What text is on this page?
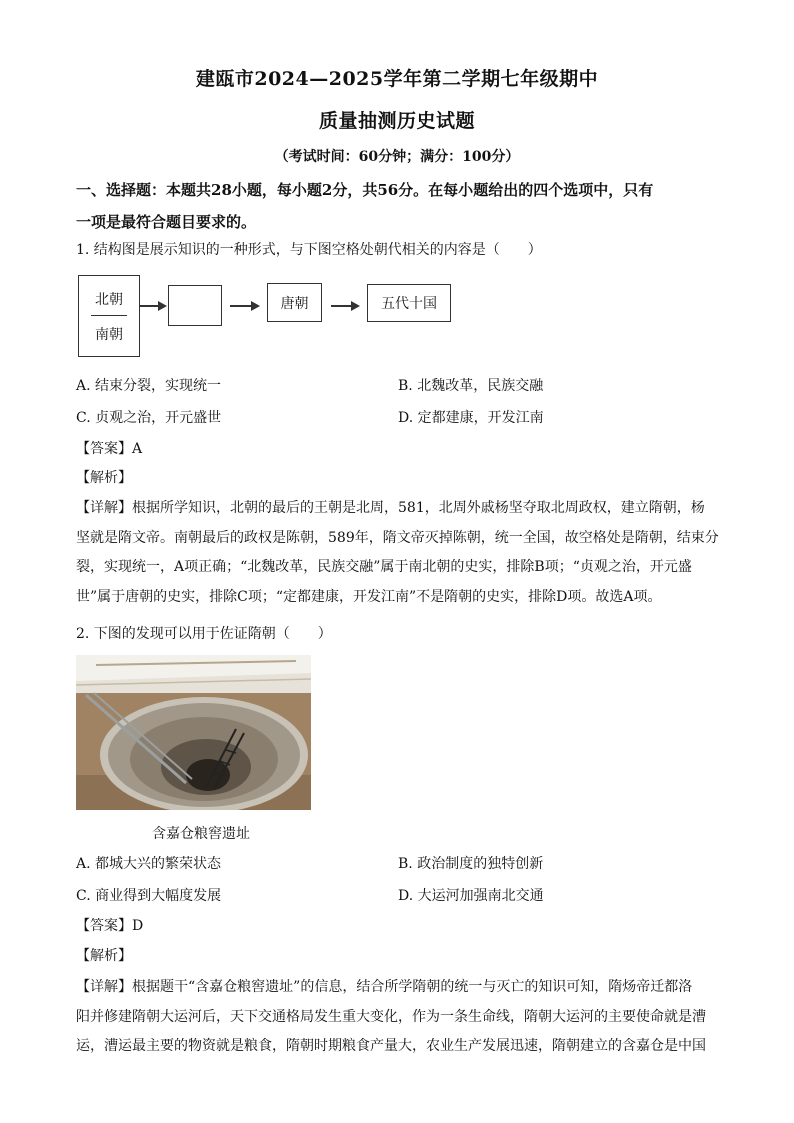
建瓯市2024—2025学年第二学期七年级期中
质量抽测历史试题
（考试时间：60分钟；满分：100分）
一、选择题：本题共28小题，每小题2分，共56分。在每小题给出的四个选项中，只有
一项是最符合题目要求的。
1. 结构图是展示知识的一种形式，与下图空格处朝代相关的内容是（　　）
北朝
南朝
唐朝	五代十国
A. 结束分裂，实现统一	B. 北魏改革，民族交融
C. 贞观之治，开元盛世	D. 定都建康，开发江南
【答案】A
【解析】
【详解】根据所学知识，北朝的最后的王朝是北周，581，北周外戚杨坚夺取北周政权，建立隋朝，杨
坚就是隋文帝。南朝最后的政权是陈朝，589年，隋文帝灭掉陈朝，统一全国，故空格处是隋朝，结束分
裂，实现统一，A项正确；“北魏改革，民族交融”属于南北朝的史实，排除B项；“贞观之治，开元盛
世”属于唐朝的史实，排除C项；“定都建康，开发江南”不是隋朝的史实，排除D项。故选A项。
2. 下图的发现可以用于佐证隋朝（　　）
含嘉仓粮窖遗址
A. 都城大兴的繁荣状态	B. 政治制度的独特创新
C. 商业得到大幅度发展	D. 大运河加强南北交通
【答案】D
【解析】
【详解】根据题干“含嘉仓粮窖遗址”的信息，结合所学隋朝的统一与灭亡的知识可知，隋炀帝迁都洛
阳并修建隋朝大运河后，天下交通格局发生重大变化，作为一条生命线，隋朝大运河的主要使命就是漕
运，漕运最主要的物资就是粮食，隋朝时期粮食产量大，农业生产发展迅速，隋朝建立的含嘉仓是中国
